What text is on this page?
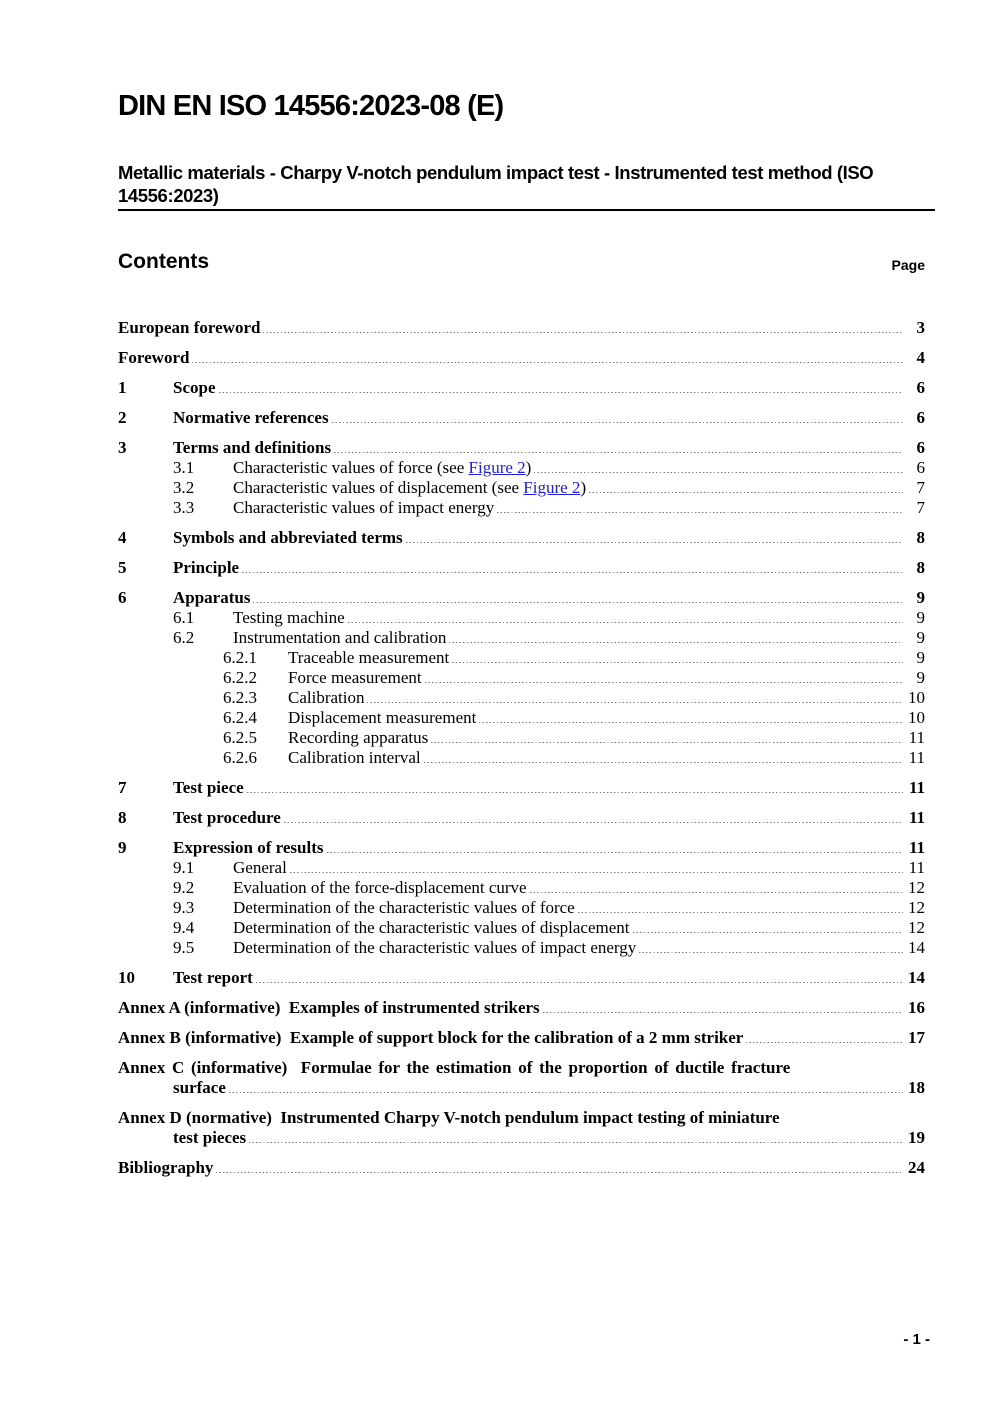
DIN EN ISO 14556:2023-08 (E)
Metallic materials - Charpy V-notch pendulum impact test - Instrumented test method (ISO 14556:2023)
Contents	Page
European foreword	3
Foreword	4
1	Scope	6
2	Normative references	6
3	Terms and definitions	6
3.1	Characteristic values of force (see Figure 2)	6
3.2	Characteristic values of displacement (see Figure 2)	7
3.3	Characteristic values of impact energy	7
4	Symbols and abbreviated terms	8
5	Principle	8
6	Apparatus	9
6.1	Testing machine	9
6.2	Instrumentation and calibration	9
6.2.1	Traceable measurement	9
6.2.2	Force measurement	9
6.2.3	Calibration	10
6.2.4	Displacement measurement	10
6.2.5	Recording apparatus	11
6.2.6	Calibration interval	11
7	Test piece	11
8	Test procedure	11
9	Expression of results	11
9.1	General	11
9.2	Evaluation of the force-displacement curve	12
9.3	Determination of the characteristic values of force	12
9.4	Determination of the characteristic values of displacement	12
9.5	Determination of the characteristic values of impact energy	14
10	Test report	14
Annex A (informative)  Examples of instrumented strikers	16
Annex B (informative)  Example of support block for the calibration of a 2 mm striker	17
Annex C (informative)  Formulae for the estimation of the proportion of ductile fracture
surface	18
Annex D (normative)  Instrumented Charpy V-notch pendulum impact testing of miniature
test pieces	19
Bibliography	24
- 1 -
